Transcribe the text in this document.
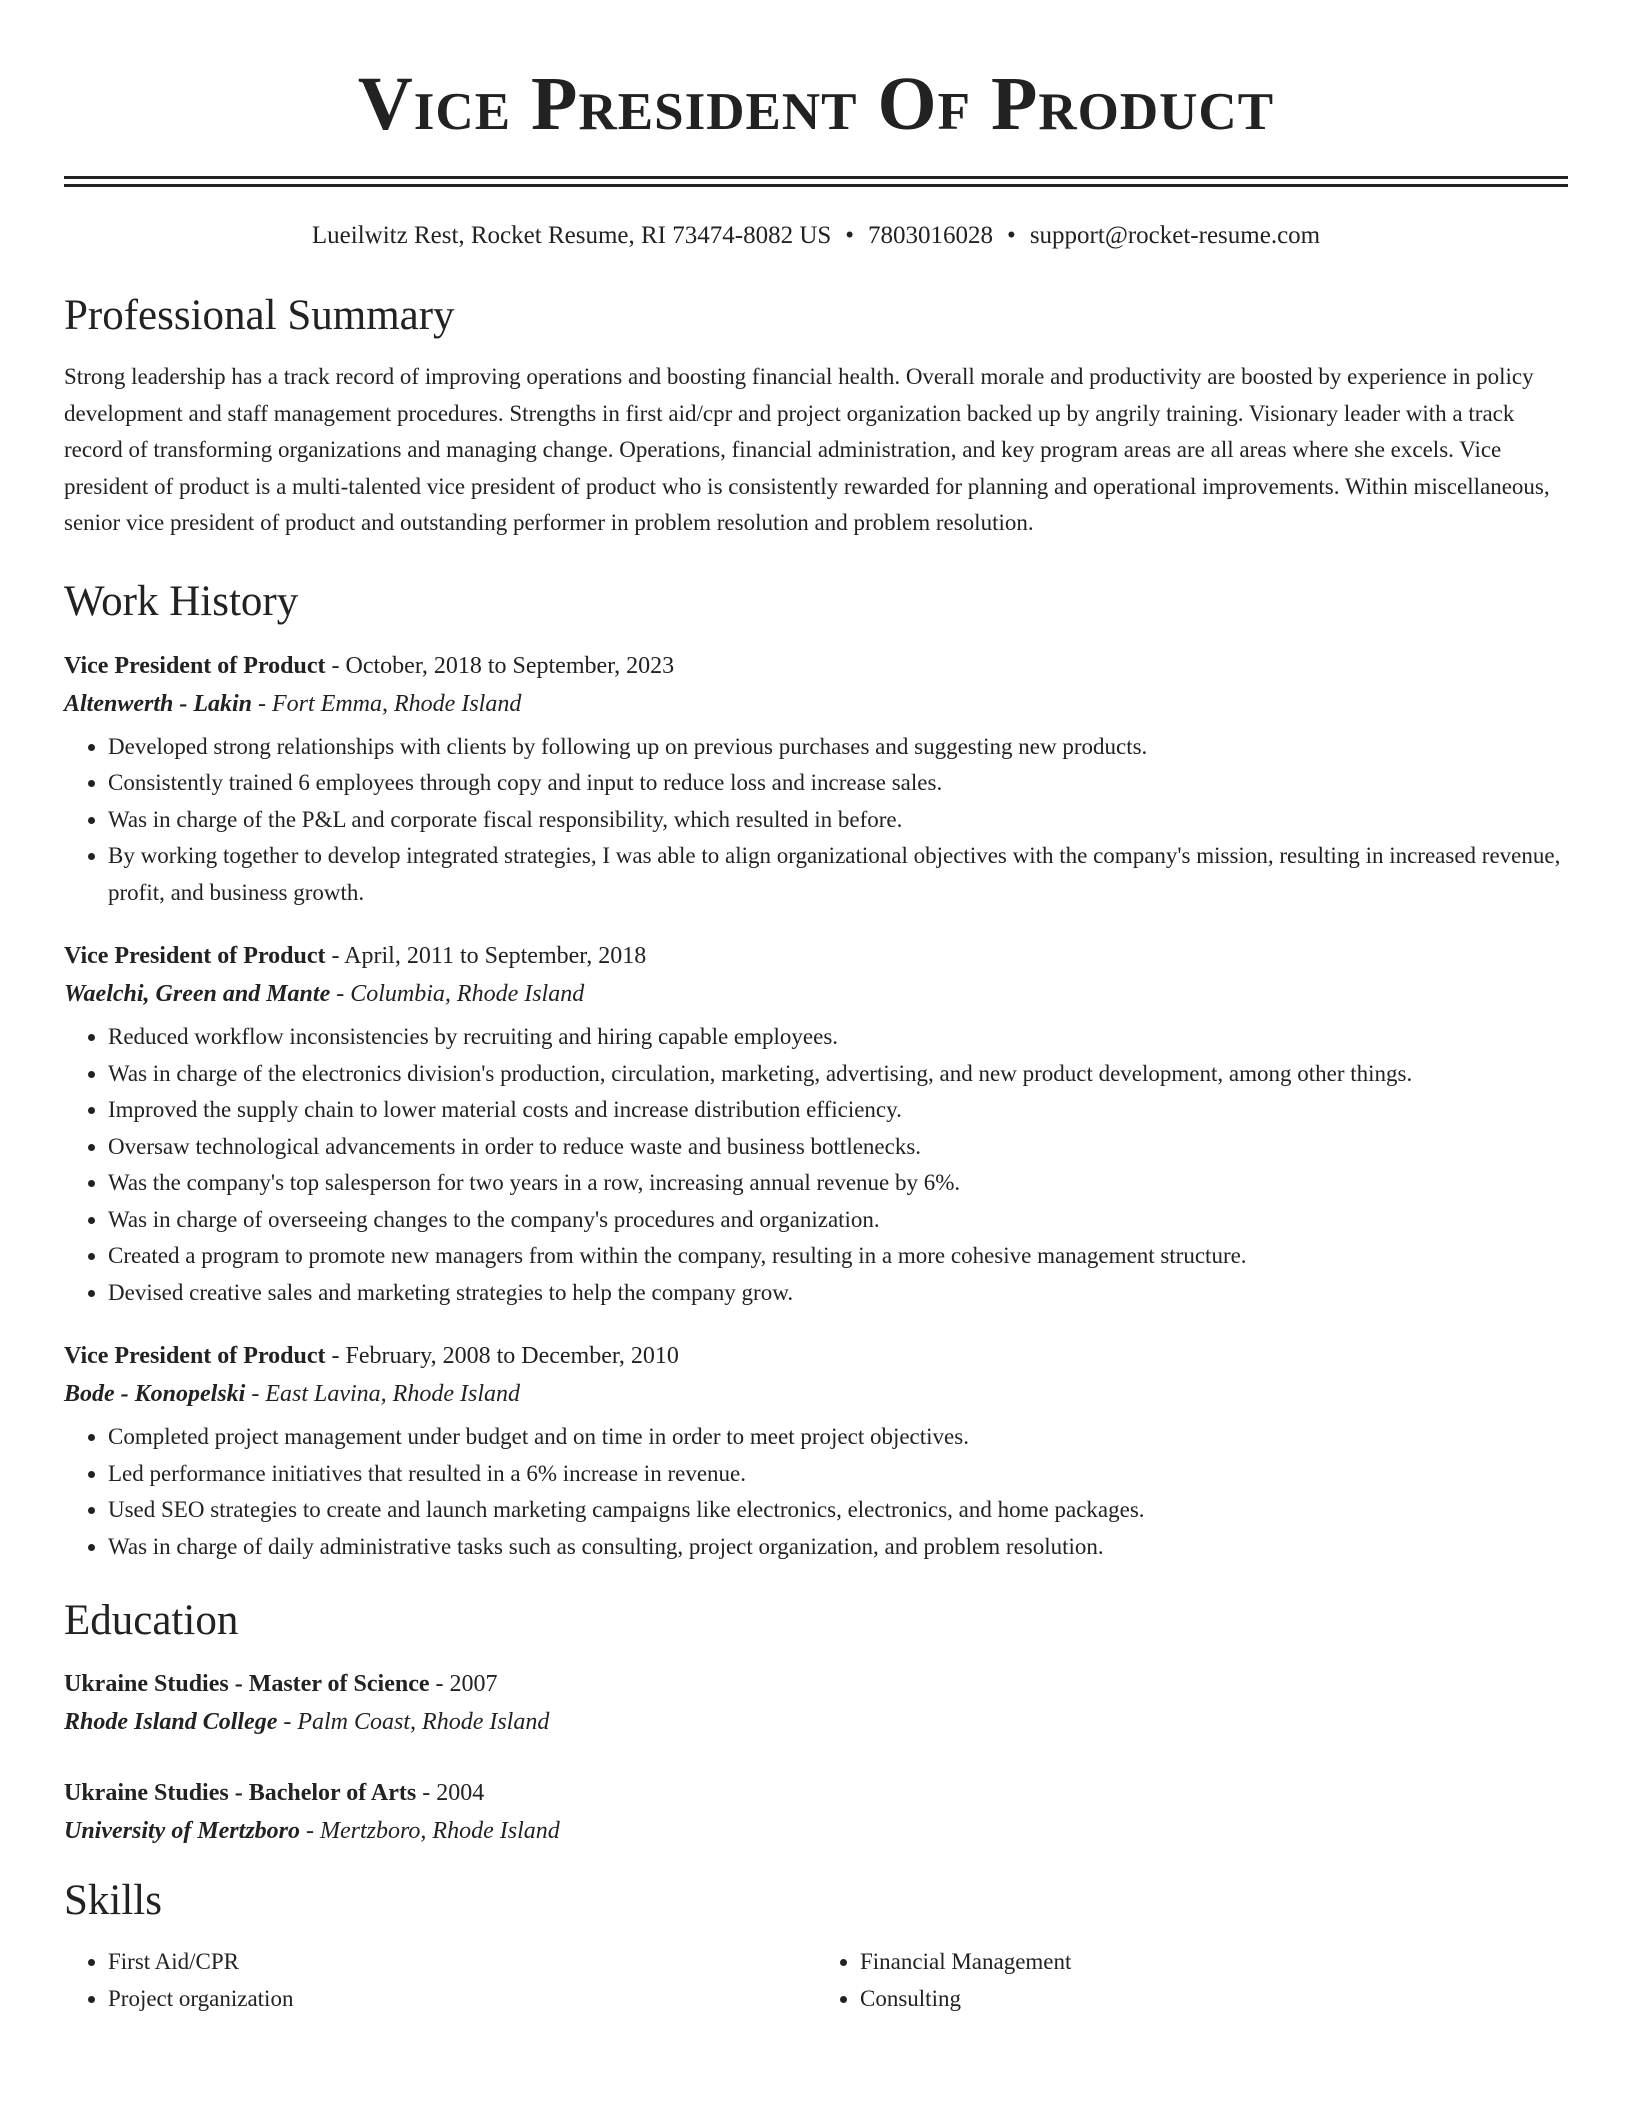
Vice President Of Product
Lueilwitz Rest, Rocket Resume, RI 73474-8082 US • 7803016028 • support@rocket-resume.com
Professional Summary

Strong leadership has a track record of improving operations and boosting financial health. Overall morale and productivity are boosted by experience in policy development and staff management procedures. Strengths in first aid/cpr and project organization backed up by angrily training. Visionary leader with a track record of transforming organizations and managing change. Operations, financial administration, and key program areas are all areas where she excels. Vice president of product is a multi-talented vice president of product who is consistently rewarded for planning and operational improvements. Within miscellaneous, senior vice president of product and outstanding performer in problem resolution and problem resolution.

Work History
Vice President of Product - October, 2018 to September, 2023
Altenwerth - Lakin - Fort Emma, Rhode Island
• Developed strong relationships with clients by following up on previous purchases and suggesting new products.
• Consistently trained 6 employees through copy and input to reduce loss and increase sales.
• Was in charge of the P&L and corporate fiscal responsibility, which resulted in before.
• By working together to develop integrated strategies, I was able to align organizational objectives with the company's mission, resulting in increased revenue, profit, and business growth.
Vice President of Product - April, 2011 to September, 2018
Waelchi, Green and Mante - Columbia, Rhode Island
• Reduced workflow inconsistencies by recruiting and hiring capable employees.
• Was in charge of the electronics division's production, circulation, marketing, advertising, and new product development, among other things.
• Improved the supply chain to lower material costs and increase distribution efficiency.
• Oversaw technological advancements in order to reduce waste and business bottlenecks.
• Was the company's top salesperson for two years in a row, increasing annual revenue by 6%.
• Was in charge of overseeing changes to the company's procedures and organization.
• Created a program to promote new managers from within the company, resulting in a more cohesive management structure.
• Devised creative sales and marketing strategies to help the company grow.
Vice President of Product - February, 2008 to December, 2010
Bode - Konopelski - East Lavina, Rhode Island
• Completed project management under budget and on time in order to meet project objectives.
• Led performance initiatives that resulted in a 6% increase in revenue.
• Used SEO strategies to create and launch marketing campaigns like electronics, electronics, and home packages.
• Was in charge of daily administrative tasks such as consulting, project organization, and problem resolution.
Education
Ukraine Studies - Master of Science - 2007
Rhode Island College - Palm Coast, Rhode Island
Ukraine Studies - Bachelor of Arts - 2004
University of Mertzboro - Mertzboro, Rhode Island
Skills
• First Aid/CPR
• Project organization
• Financial Management
• Consulting
